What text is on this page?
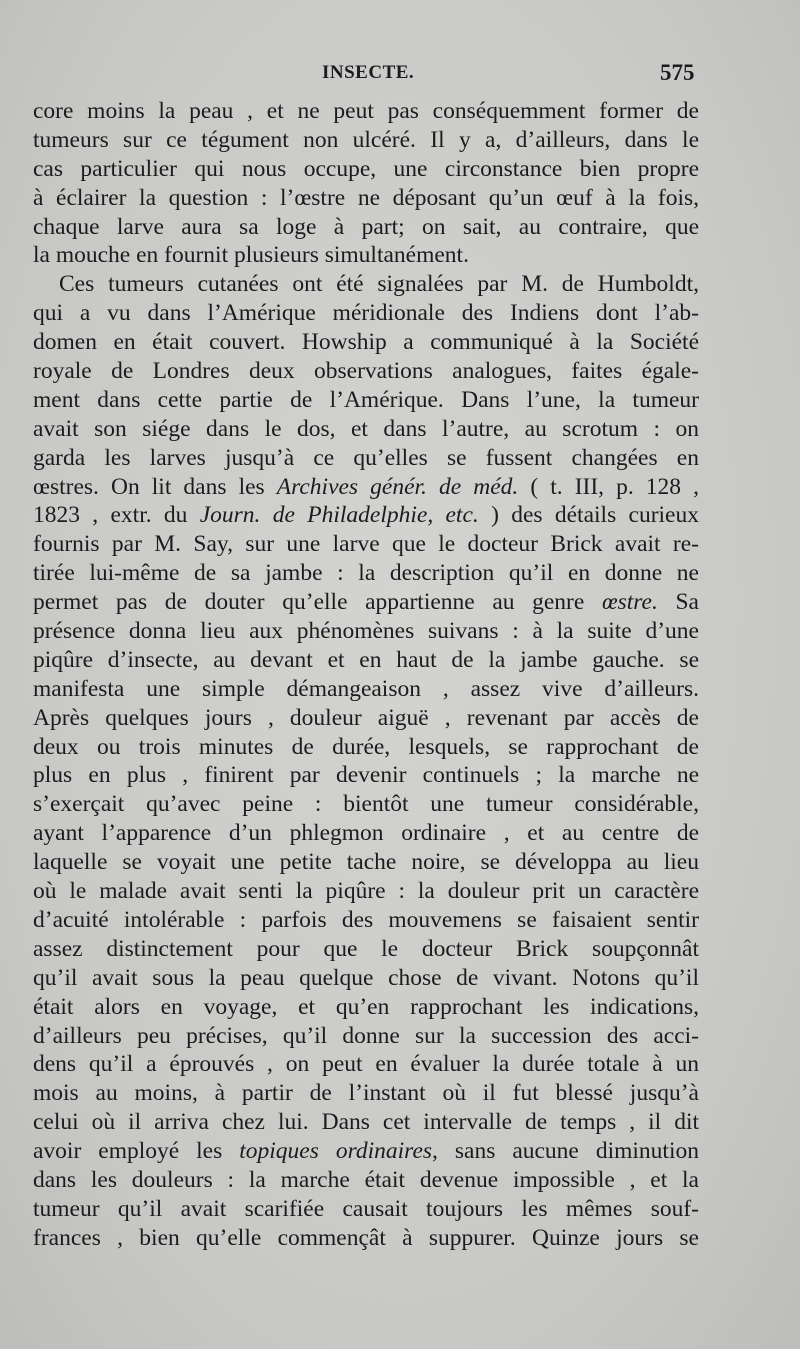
INSECTE.	575
core moins la peau , et ne peut pas conséquemment former de
tumeurs sur ce tégument non ulcéré. Il y a, d’ailleurs, dans le
cas particulier qui nous occupe, une circonstance bien propre
à éclairer la question : l’œstre ne déposant qu’un œuf à la fois,
chaque larve aura sa loge à part; on sait, au contraire, que
la mouche en fournit plusieurs simultanément.
Ces tumeurs cutanées ont été signalées par M. de Humboldt,
qui a vu dans l’Amérique méridionale des Indiens dont l’ab-
domen en était couvert. Howship a communiqué à la Société
royale de Londres deux observations analogues, faites égale-
ment dans cette partie de l’Amérique. Dans l’une, la tumeur
avait son siége dans le dos, et dans l’autre, au scrotum : on
garda les larves jusqu’à ce qu’elles se fussent changées en
œstres. On lit dans les Archives génér. de méd. ( t. III, p. 128 ,
1823 , extr. du Journ. de Philadelphie, etc. ) des détails curieux
fournis par M. Say, sur une larve que le docteur Brick avait re-
tirée lui-même de sa jambe : la description qu’il en donne ne
permet pas de douter qu’elle appartienne au genre œstre. Sa
présence donna lieu aux phénomènes suivans : à la suite d’une
piqûre d’insecte, au devant et en haut de la jambe gauche. se
manifesta une simple démangeaison , assez vive d’ailleurs.
Après quelques jours , douleur aiguë , revenant par accès de
deux ou trois minutes de durée, lesquels, se rapprochant de
plus en plus , finirent par devenir continuels ; la marche ne
s’exerçait qu’avec peine : bientôt une tumeur considérable,
ayant l’apparence d’un phlegmon ordinaire , et au centre de
laquelle se voyait une petite tache noire, se développa au lieu
où le malade avait senti la piqûre : la douleur prit un caractère
d’acuité intolérable : parfois des mouvemens se faisaient sentir
assez distinctement pour que le docteur Brick soupçonnât
qu’il avait sous la peau quelque chose de vivant. Notons qu’il
était alors en voyage, et qu’en rapprochant les indications,
d’ailleurs peu précises, qu’il donne sur la succession des acci-
dens qu’il a éprouvés , on peut en évaluer la durée totale à un
mois au moins, à partir de l’instant où il fut blessé jusqu’à
celui où il arriva chez lui. Dans cet intervalle de temps , il dit
avoir employé les topiques ordinaires, sans aucune diminution
dans les douleurs : la marche était devenue impossible , et la
tumeur qu’il avait scarifiée causait toujours les mêmes souf-
frances , bien qu’elle commençât à suppurer. Quinze jours se
